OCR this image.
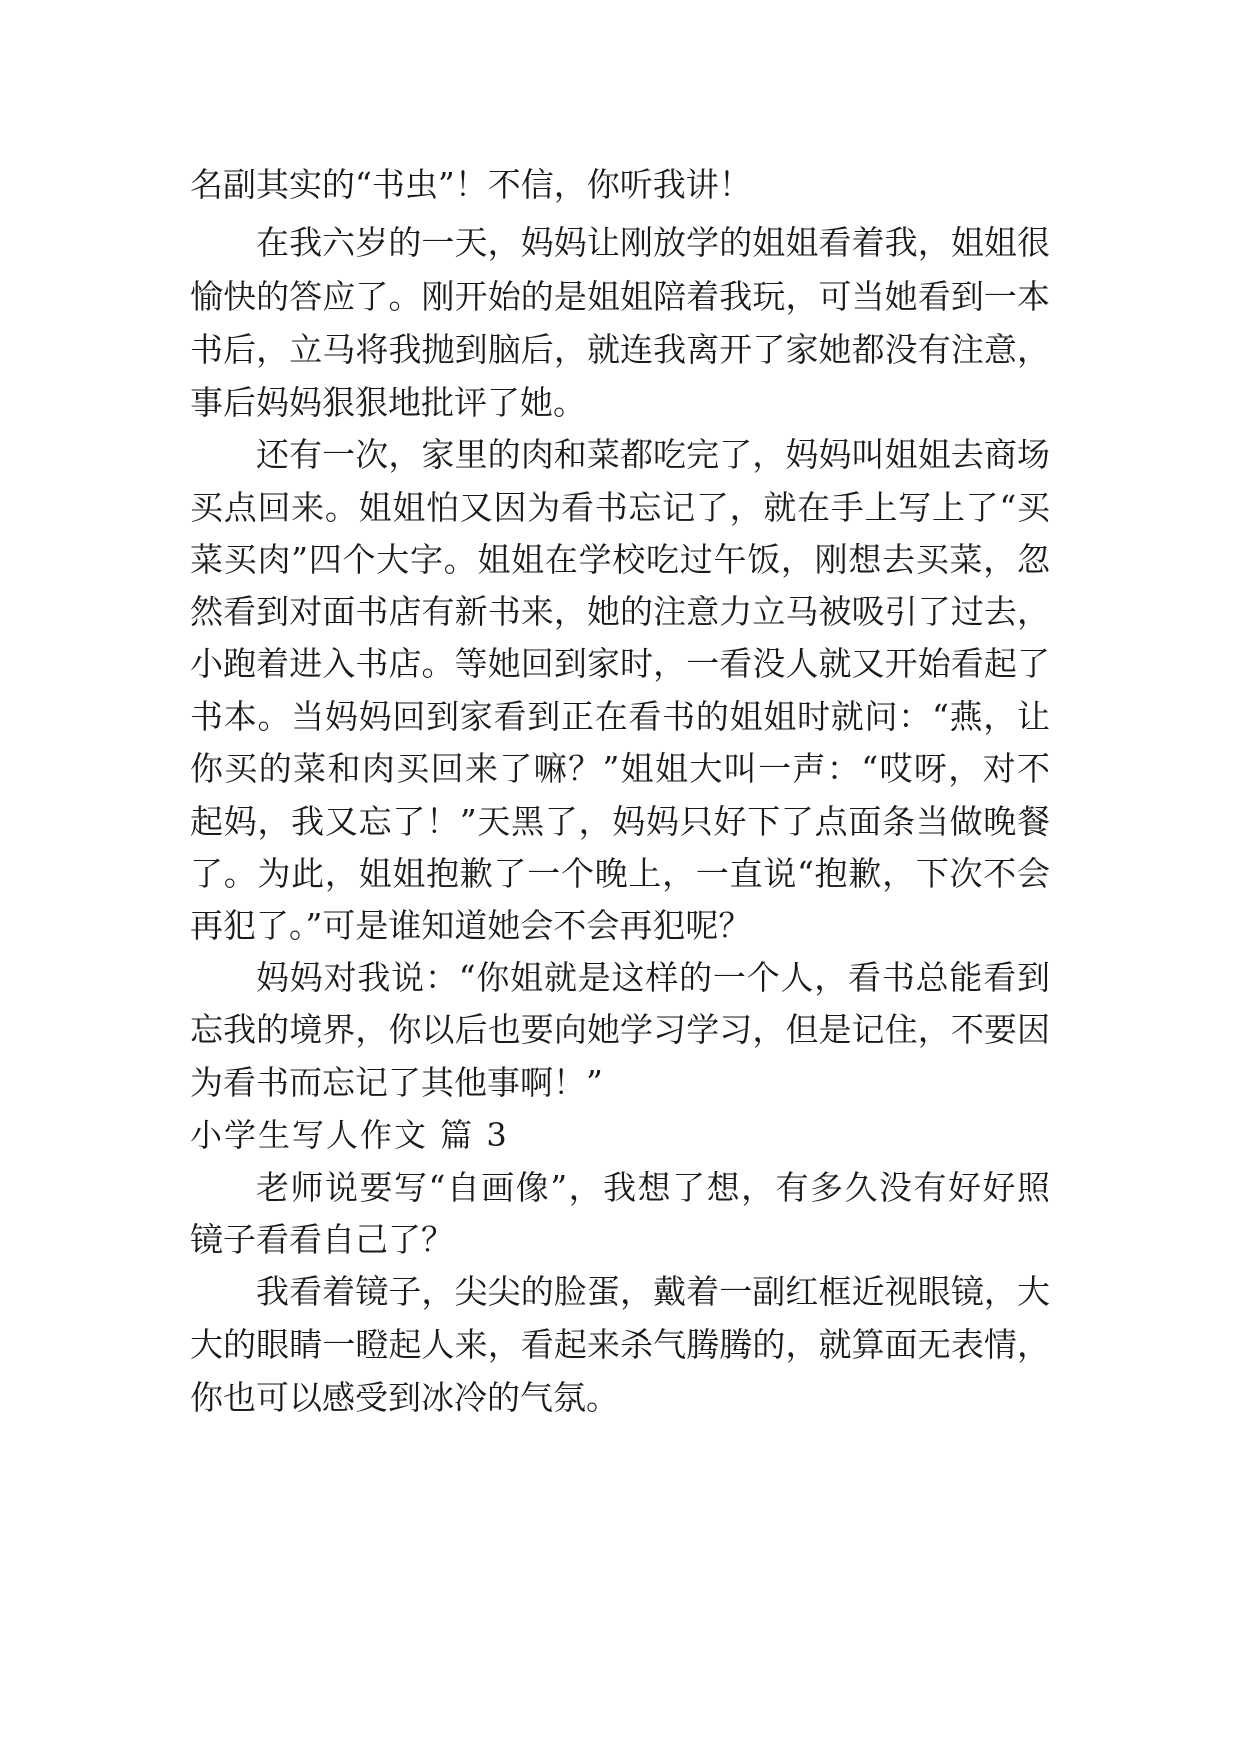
名副其实的“书虫”！不信，你听我讲！

在我六岁的一天，妈妈让刚放学的姐姐看着我，姐姐很

愉快的答应了。刚开始的是姐姐陪着我玩，可当她看到一本

书后，立马将我抛到脑后，就连我离开了家她都没有注意，

事后妈妈狠狠地批评了她。

还有一次，家里的肉和菜都吃完了，妈妈叫姐姐去商场

买点回来。姐姐怕又因为看书忘记了，就在手上写上了“买

菜买肉”四个大字。姐姐在学校吃过午饭，刚想去买菜，忽

然看到对面书店有新书来，她的注意力立马被吸引了过去，

小跑着进入书店。等她回到家时，一看没人就又开始看起了

书本。当妈妈回到家看到正在看书的姐姐时就问：“燕，让

你买的菜和肉买回来了嘛？”姐姐大叫一声：“哎呀，对不

起妈，我又忘了！”天黑了，妈妈只好下了点面条当做晚餐

了。为此，姐姐抱歉了一个晚上，一直说“抱歉，下次不会

再犯了。”可是谁知道她会不会再犯呢？

妈妈对我说：“你姐就是这样的一个人，看书总能看到

忘我的境界，你以后也要向她学习学习，但是记住，不要因

为看书而忘记了其他事啊！”

小学生写人作文 篇 3

老师说要写“自画像”，我想了想，有多久没有好好照

镜子看看自己了？

我看着镜子，尖尖的脸蛋，戴着一副红框近视眼镜，大

大的眼睛一瞪起人来，看起来杀气腾腾的，就算面无表情，

你也可以感受到冰冷的气氛。
